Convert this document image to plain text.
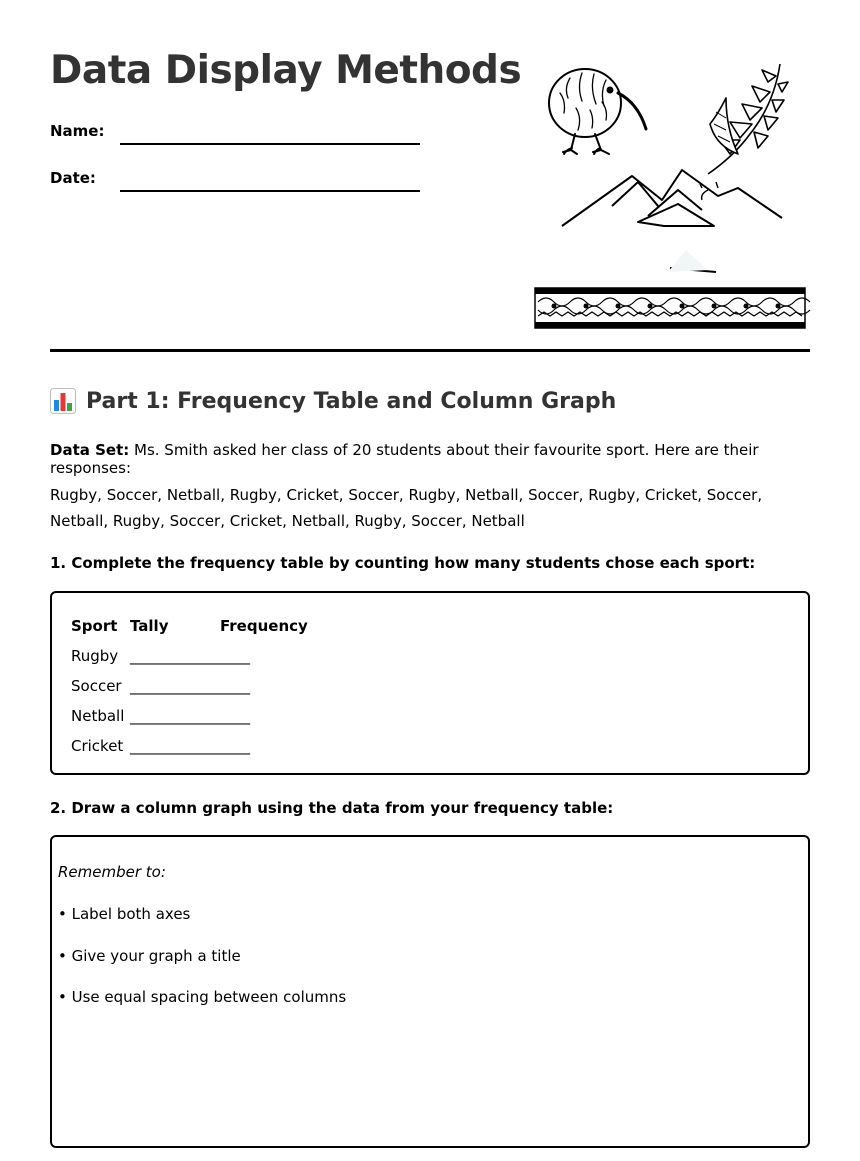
Data Display Methods
Name:
Date:
Part 1: Frequency Table and Column Graph
Data Set: Ms. Smith asked her class of 20 students about their favourite sport. Here are their responses:
Rugby, Soccer, Netball, Rugby, Cricket, Soccer, Rugby, Netball, Soccer, Rugby, Cricket, Soccer, Netball, Rugby, Soccer, Cricket, Netball, Rugby, Soccer, Netball
1. Complete the frequency table by counting how many students chose each sport:
Sport	Tally	Frequency
Rugby	____________	____
Soccer	____________	____
Netball	____________	____
Cricket	____________	____
2. Draw a column graph using the data from your frequency table:
Remember to:
• Label both axes
• Give your graph a title
• Use equal spacing between columns
